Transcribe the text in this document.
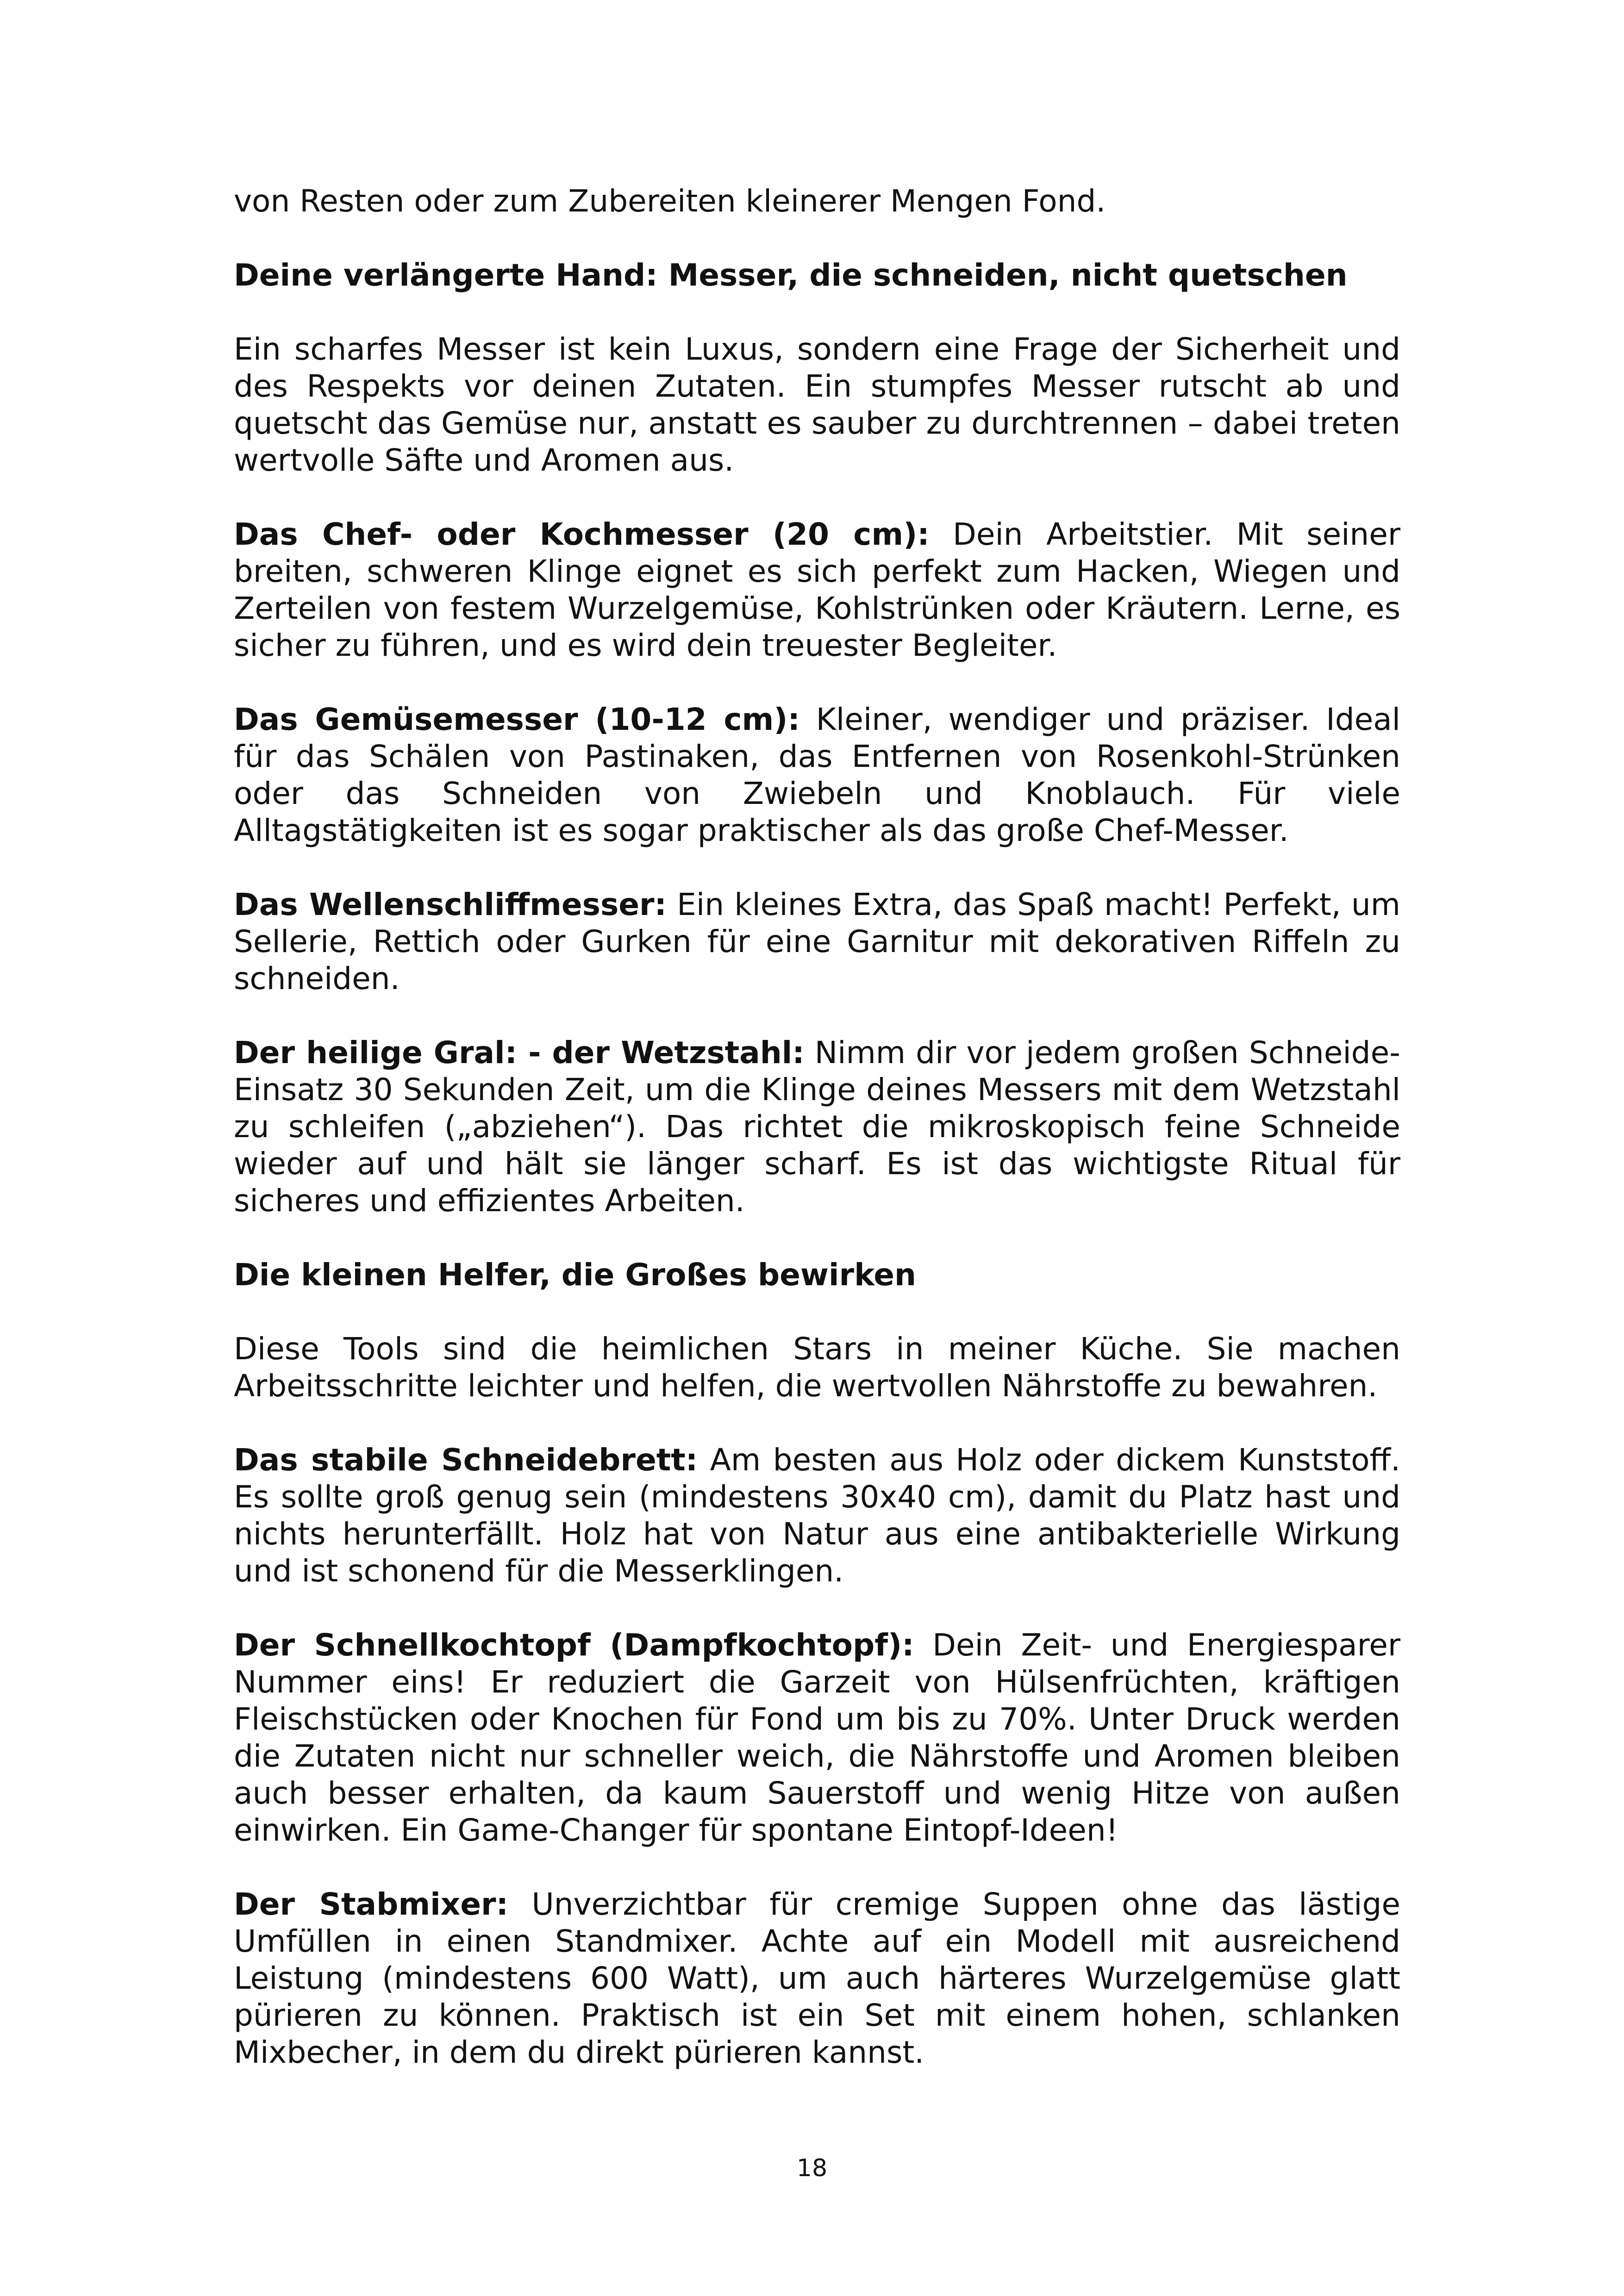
von Resten oder zum Zubereiten kleinerer Mengen Fond.

Deine verlängerte Hand: Messer, die schneiden, nicht quetschen

Ein scharfes Messer ist kein Luxus, sondern eine Frage der Sicherheit und des Respekts vor deinen Zutaten. Ein stumpfes Messer rutscht ab und quetscht das Gemüse nur, anstatt es sauber zu durchtrennen – dabei treten wertvolle Säfte und Aromen aus.

Das Chef- oder Kochmesser (20 cm): Dein Arbeitstier. Mit seiner breiten, schweren Klinge eignet es sich perfekt zum Hacken, Wiegen und Zerteilen von festem Wurzelgemüse, Kohlstrünken oder Kräutern. Lerne, es sicher zu führen, und es wird dein treuester Begleiter.

Das Gemüsemesser (10-12 cm): Kleiner, wendiger und präziser. Ideal für das Schälen von Pastinaken, das Entfernen von Rosenkohl-Strünken oder das Schneiden von Zwiebeln und Knoblauch. Für viele Alltagstätigkeiten ist es sogar praktischer als das große Chef-Messer.

Das Wellenschliffmesser: Ein kleines Extra, das Spaß macht! Perfekt, um Sellerie, Rettich oder Gurken für eine Garnitur mit dekorativen Riffeln zu schneiden.

Der heilige Gral: - der Wetzstahl: Nimm dir vor jedem großen Schneide-Einsatz 30 Sekunden Zeit, um die Klinge deines Messers mit dem Wetzstahl zu schleifen („abziehen“). Das richtet die mikroskopisch feine Schneide wieder auf und hält sie länger scharf. Es ist das wichtigste Ritual für sicheres und effizientes Arbeiten.

Die kleinen Helfer, die Großes bewirken

Diese Tools sind die heimlichen Stars in meiner Küche. Sie machen Arbeitsschritte leichter und helfen, die wertvollen Nährstoffe zu bewahren.

Das stabile Schneidebrett: Am besten aus Holz oder dickem Kunststoff. Es sollte groß genug sein (mindestens 30x40 cm), damit du Platz hast und nichts herunterfällt. Holz hat von Natur aus eine antibakterielle Wirkung und ist schonend für die Messerklingen.

Der Schnellkochtopf (Dampfkochtopf): Dein Zeit- und Energiesparer Nummer eins! Er reduziert die Garzeit von Hülsenfrüchten, kräftigen Fleischstücken oder Knochen für Fond um bis zu 70%. Unter Druck werden die Zutaten nicht nur schneller weich, die Nährstoffe und Aromen bleiben auch besser erhalten, da kaum Sauerstoff und wenig Hitze von außen einwirken. Ein Game-Changer für spontane Eintopf-Ideen!

Der Stabmixer: Unverzichtbar für cremige Suppen ohne das lästige Umfüllen in einen Standmixer. Achte auf ein Modell mit ausreichend Leistung (mindestens 600 Watt), um auch härteres Wurzelgemüse glatt pürieren zu können. Praktisch ist ein Set mit einem hohen, schlanken Mixbecher, in dem du direkt pürieren kannst.

18
